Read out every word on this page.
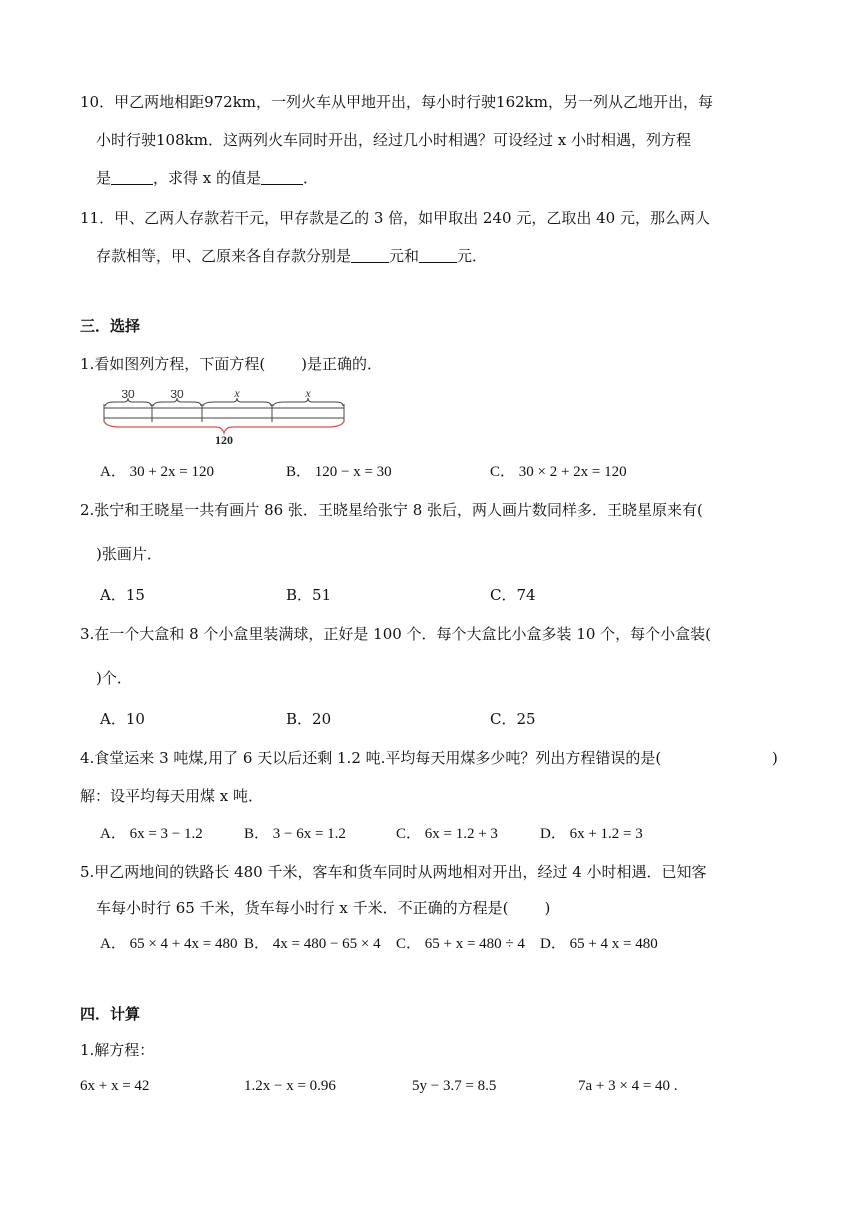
10．甲乙两地相距972km，一列火车从甲地开出，每小时行驶162km，另一列从乙地开出，每
小时行驶108km．这两列火车同时开出，经过几小时相遇？可设经过 x 小时相遇，列方程
是	，求得 x 的值是	．
11．甲、乙两人存款若干元，甲存款是乙的 3 倍，如甲取出 240 元，乙取出 40 元，那么两人
存款相等，甲、乙原来各自存款分别是	元和	元．
三．选择
1.看如图列方程，下面方程( )是正确的．
30	30	x	x
120
A． 30 + 2x = 120	B． 120 − x = 30	C． 30 × 2 + 2x = 120
2.张宁和王晓星一共有画片 86 张．王晓星给张宁 8 张后，两人画片数同样多．王晓星原来有(
)张画片．
A．15	B．51	C．74
3.在一个大盒和 8 个小盒里装满球，正好是 100 个．每个大盒比小盒多装 10 个，每个小盒装(
)个．
A．10	B．20	C．25
4.食堂运来 3 吨煤,用了 6 天以后还剩 1.2 吨.平均每天用煤多少吨？列出方程错误的是(	)
解：设平均每天用煤 x 吨．
A． 6x = 3 − 1.2	B． 3 − 6x = 1.2	C． 6x = 1.2 + 3	D． 6x + 1.2 = 3
5.甲乙两地间的铁路长 480 千米，客车和货车同时从两地相对开出，经过 4 小时相遇．已知客
车每小时行 65 千米，货车每小时行 x 千米．不正确的方程是( )
A． 65 × 4 + 4x = 480 B． 4x = 480 − 65 × 4 C． 65 + x = 480 ÷ 4 D． 65 + 4 x = 480
四．计算
1.解方程：
6x + x = 42	1.2x − x = 0.96	5y − 3.7 = 8.5	7a + 3 × 4 = 40 .
